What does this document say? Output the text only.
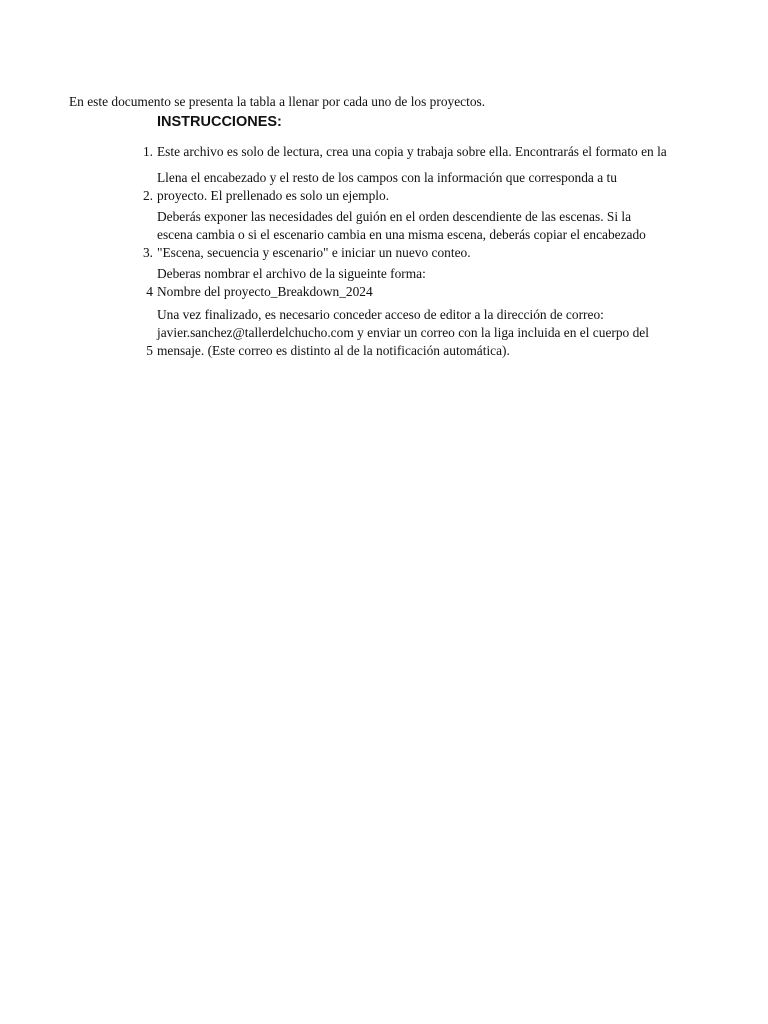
En este documento se presenta la tabla a llenar por cada uno de los proyectos.
INSTRUCCIONES:
1. Este archivo es solo de lectura, crea una copia y trabaja sobre ella. Encontrarás el formato en la
2.
Llena el encabezado y el resto de los campos con la información que corresponda a tu
proyecto. El prellenado es solo un ejemplo.
3.
Deberás exponer las necesidades del guión en el orden descendiente de las escenas. Si la
escena cambia o si el escenario cambia en una misma escena, deberás copiar el encabezado
"Escena, secuencia y escenario" e iniciar un nuevo conteo.
4
Deberas nombrar el archivo de la sigueinte forma:
Nombre del proyecto_Breakdown_2024
5
Una vez finalizado, es necesario conceder acceso de editor a la dirección de correo:
javier.sanchez@tallerdelchucho.com y enviar un correo con la liga incluida en el cuerpo del
mensaje. (Este correo es distinto al de la notificación automática).
